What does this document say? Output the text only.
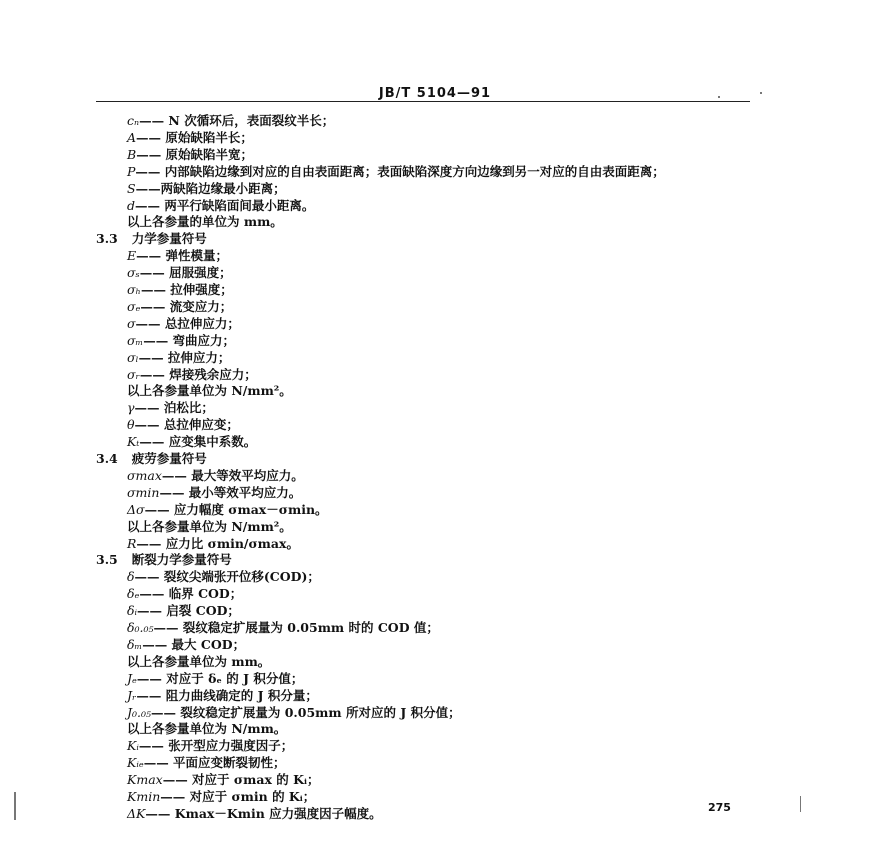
JB/T 5104—91
cₙ—— N 次循环后，表面裂纹半长；
A—— 原始缺陷半长；
B—— 原始缺陷半宽；
P—— 内部缺陷边缘到对应的自由表面距离；表面缺陷深度方向边缘到另一对应的自由表面距离；
S——两缺陷边缘最小距离；
d—— 两平行缺陷面间最小距离。
以上各参量的单位为 mm。
3.3 力学参量符号
E—— 弹性模量；
σₛ—— 屈服强度；
σₕ—— 拉伸强度；
σₑ—— 流变应力；
σ—— 总拉伸应力；
σₘ—— 弯曲应力；
σₗ—— 拉伸应力；
σᵣ—— 焊接残余应力；
以上各参量单位为 N/mm²。
γ—— 泊松比；
θ—— 总拉伸应变；
Kₜ—— 应变集中系数。
3.4 疲劳参量符号
σmax—— 最大等效平均应力。
σmin—— 最小等效平均应力。
Δσ—— 应力幅度 σmax－σmin。
以上各参量单位为 N/mm²。
R—— 应力比 σmin/σmax。
3.5 断裂力学参量符号
δ—— 裂纹尖端张开位移(COD)；
δₑ—— 临界 COD；
δᵢ—— 启裂 COD；
δ₀.₀₅—— 裂纹稳定扩展量为 0.05mm 时的 COD 值；
δₘ—— 最大 COD；
以上各参量单位为 mm。
Jₑ—— 对应于 δₑ 的 J 积分值；
Jᵣ—— 阻力曲线确定的 J 积分量；
J₀.₀₅—— 裂纹稳定扩展量为 0.05mm 所对应的 J 积分值；
以上各参量单位为 N/mm。
Kᵢ—— 张开型应力强度因子；
Kᵢₑ—— 平面应变断裂韧性；
Kmax—— 对应于 σmax 的 Kᵢ；
Kmin—— 对应于 σmin 的 Kᵢ；
ΔK—— Kmax－Kmin 应力强度因子幅度。	275
